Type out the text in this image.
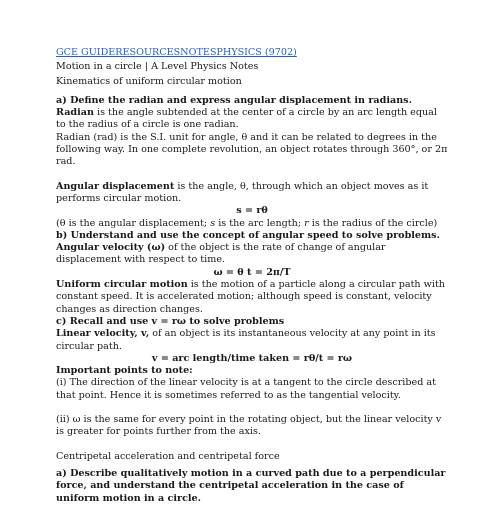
GCE GUIDERESOURCESNOTESPHYSICS (9702)
Motion in a circle | A Level Physics Notes
Kinematics of uniform circular motion
a) Define the radian and express angular displacement in radians.
Radian is the angle subtended at the center of a circle by an arc length equal to the radius of a circle is one radian.
Radian (rad) is the S.I. unit for angle, θ and it can be related to degrees in the following way. In one complete revolution, an object rotates through 360°, or 2π rad.
Angular displacement is the angle, θ, through which an object moves as it performs circular motion.
s = rθ
(θ is the angular displacement; s is the arc length; r is the radius of the circle)
b) Understand and use the concept of angular speed to solve problems.
Angular velocity (ω) of the object is the rate of change of angular displacement with respect to time.
ω = θ t = 2π/T
Uniform circular motion is the motion of a particle along a circular path with constant speed. It is accelerated motion; although speed is constant, velocity changes as direction changes.
c) Recall and use v = rω to solve problems
Linear velocity, v, of an object is its instantaneous velocity at any point in its circular path.
v = arc length/time taken = rθ/t = rω
Important points to note:
(i) The direction of the linear velocity is at a tangent to the circle described at that point. Hence it is sometimes referred to as the tangential velocity.
(ii) ω is the same for every point in the rotating object, but the linear velocity v is greater for points further from the axis.
Centripetal acceleration and centripetal force
a) Describe qualitatively motion in a curved path due to a perpendicular force, and understand the centripetal acceleration in the case of uniform motion in a circle.
